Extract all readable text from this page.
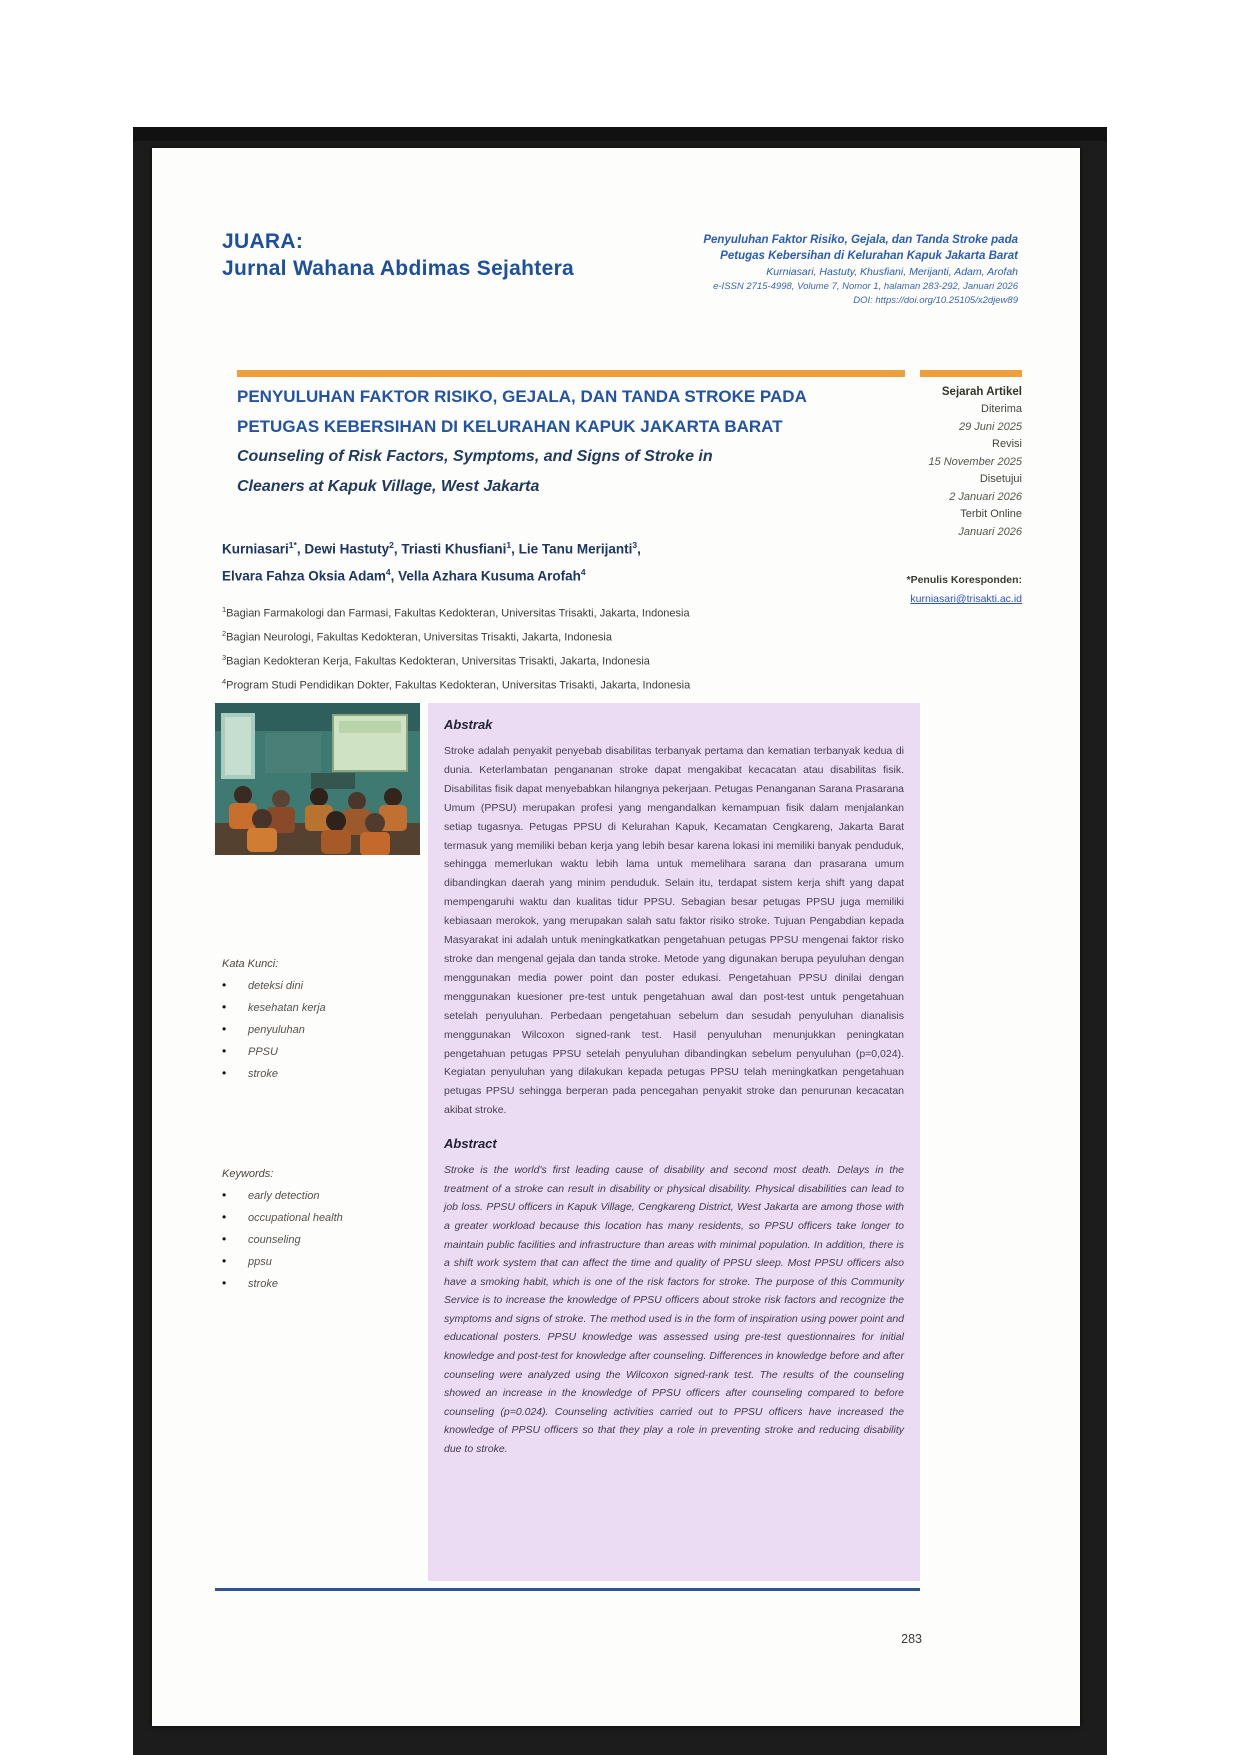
JUARA:
Jurnal Wahana Abdimas Sejahtera
Penyuluhan Faktor Risiko, Gejala, dan Tanda Stroke pada
Petugas Kebersihan di Kelurahan Kapuk Jakarta Barat
Kurniasari, Hastuty, Khusfiani, Merijanti, Adam, Arofah
e-ISSN 2715-4998, Volume 7, Nomor 1, halaman 283-292, Januari 2026
DOI: https://doi.org/10.25105/x2djew89
PENYULUHAN FAKTOR RISIKO, GEJALA, DAN TANDA STROKE PADA
PETUGAS KEBERSIHAN DI KELURAHAN KAPUK JAKARTA BARAT
Counseling of Risk Factors, Symptoms, and Signs of Stroke in
Cleaners at Kapuk Village, West Jakarta
Sejarah Artikel
Diterima
29 Juni 2025
Revisi
15 November 2025
Disetujui
2 Januari 2026
Terbit Online
Januari 2026
Kurniasari$^{1*}$, Dewi Hastuty$^2$, Triasti Khusfiani$^1$, Lie Tanu Merijanti$^3$,
Elvara Fahza Oksia Adam$^4$, Vella Azhara Kusuma Arofah$^4$
*Penulis Koresponden:
kurniasari@trisakti.ac.id
$^1$Bagian Farmakologi dan Farmasi, Fakultas Kedokteran, Universitas Trisakti, Jakarta, Indonesia
$^2$Bagian Neurologi, Fakultas Kedokteran, Universitas Trisakti, Jakarta, Indonesia
$^3$Bagian Kedokteran Kerja, Fakultas Kedokteran, Universitas Trisakti, Jakarta, Indonesia
$^4$Program Studi Pendidikan Dokter, Fakultas Kedokteran, Universitas Trisakti, Jakarta, Indonesia
Abstrak

Stroke adalah penyakit penyebab disabilitas terbanyak pertama dan kematian terbanyak kedua di dunia. Keterlambatan pengananan stroke dapat mengakibat kecacatan atau disabilitas fisik. Disabilitas fisik dapat menyebabkan hilangnya pekerjaan. Petugas Penanganan Sarana Prasarana Umum (PPSU) merupakan profesi yang mengandalkan kemampuan fisik dalam menjalankan setiap tugasnya. Petugas PPSU di Kelurahan Kapuk, Kecamatan Cengkareng, Jakarta Barat termasuk yang memiliki beban kerja yang lebih besar karena lokasi ini memiliki banyak penduduk, sehingga memerlukan waktu lebih lama untuk memelihara sarana dan prasarana umum dibandingkan daerah yang minim penduduk. Selain itu, terdapat sistem kerja shift yang dapat mempengaruhi waktu dan kualitas tidur PPSU. Sebagian besar petugas PPSU juga memiliki kebiasaan merokok, yang merupakan salah satu faktor risiko stroke. Tujuan Pengabdian kepada Masyarakat ini adalah untuk meningkatkatkan pengetahuan petugas PPSU mengenai faktor risko stroke dan mengenal gejala dan tanda stroke. Metode yang digunakan berupa peyuluhan dengan menggunakan media power point dan poster edukasi. Pengetahuan PPSU dinilai dengan menggunakan kuesioner pre-test untuk pengetahuan awal dan post-test untuk pengetahuan setelah penyuluhan. Perbedaan pengetahuan sebelum dan sesudah penyuluhan dianalisis menggunakan Wilcoxon signed-rank test. Hasil penyuluhan menunjukkan peningkatan pengetahuan petugas PPSU setelah penyuluhan dibandingkan sebelum penyuluhan (p=0,024). Kegiatan penyuluhan yang dilakukan kepada petugas PPSU telah meningkatkan pengetahuan petugas PPSU sehingga berperan pada pencegahan penyakit stroke dan penurunan kecacatan akibat stroke.

Abstract

Stroke is the world's first leading cause of disability and second most death. Delays in the treatment of a stroke can result in disability or physical disability. Physical disabilities can lead to job loss. PPSU officers in Kapuk Village, Cengkareng District, West Jakarta are among those with a greater workload because this location has many residents, so PPSU officers take longer to maintain public facilities and infrastructure than areas with minimal population. In addition, there is a shift work system that can affect the time and quality of PPSU sleep. Most PPSU officers also have a smoking habit, which is one of the risk factors for stroke. The purpose of this Community Service is to increase the knowledge of PPSU officers about stroke risk factors and recognize the symptoms and signs of stroke. The method used is in the form of inspiration using power point and educational posters. PPSU knowledge was assessed using pre-test questionnaires for initial knowledge and post-test for knowledge after counseling. Differences in knowledge before and after counseling were analyzed using the Wilcoxon signed-rank test. The results of the counseling showed an increase in the knowledge of PPSU officers after counseling compared to before counseling (p=0.024). Counseling activities carried out to PPSU officers have increased the knowledge of PPSU officers so that they play a role in preventing stroke and reducing disability due to stroke.

Kata Kunci:
•	deteksi dini
•	kesehatan kerja
•	penyuluhan
•	PPSU
•	stroke
Keywords:
•	early detection
•	occupational health
•	counseling
•	ppsu
•	stroke
283
